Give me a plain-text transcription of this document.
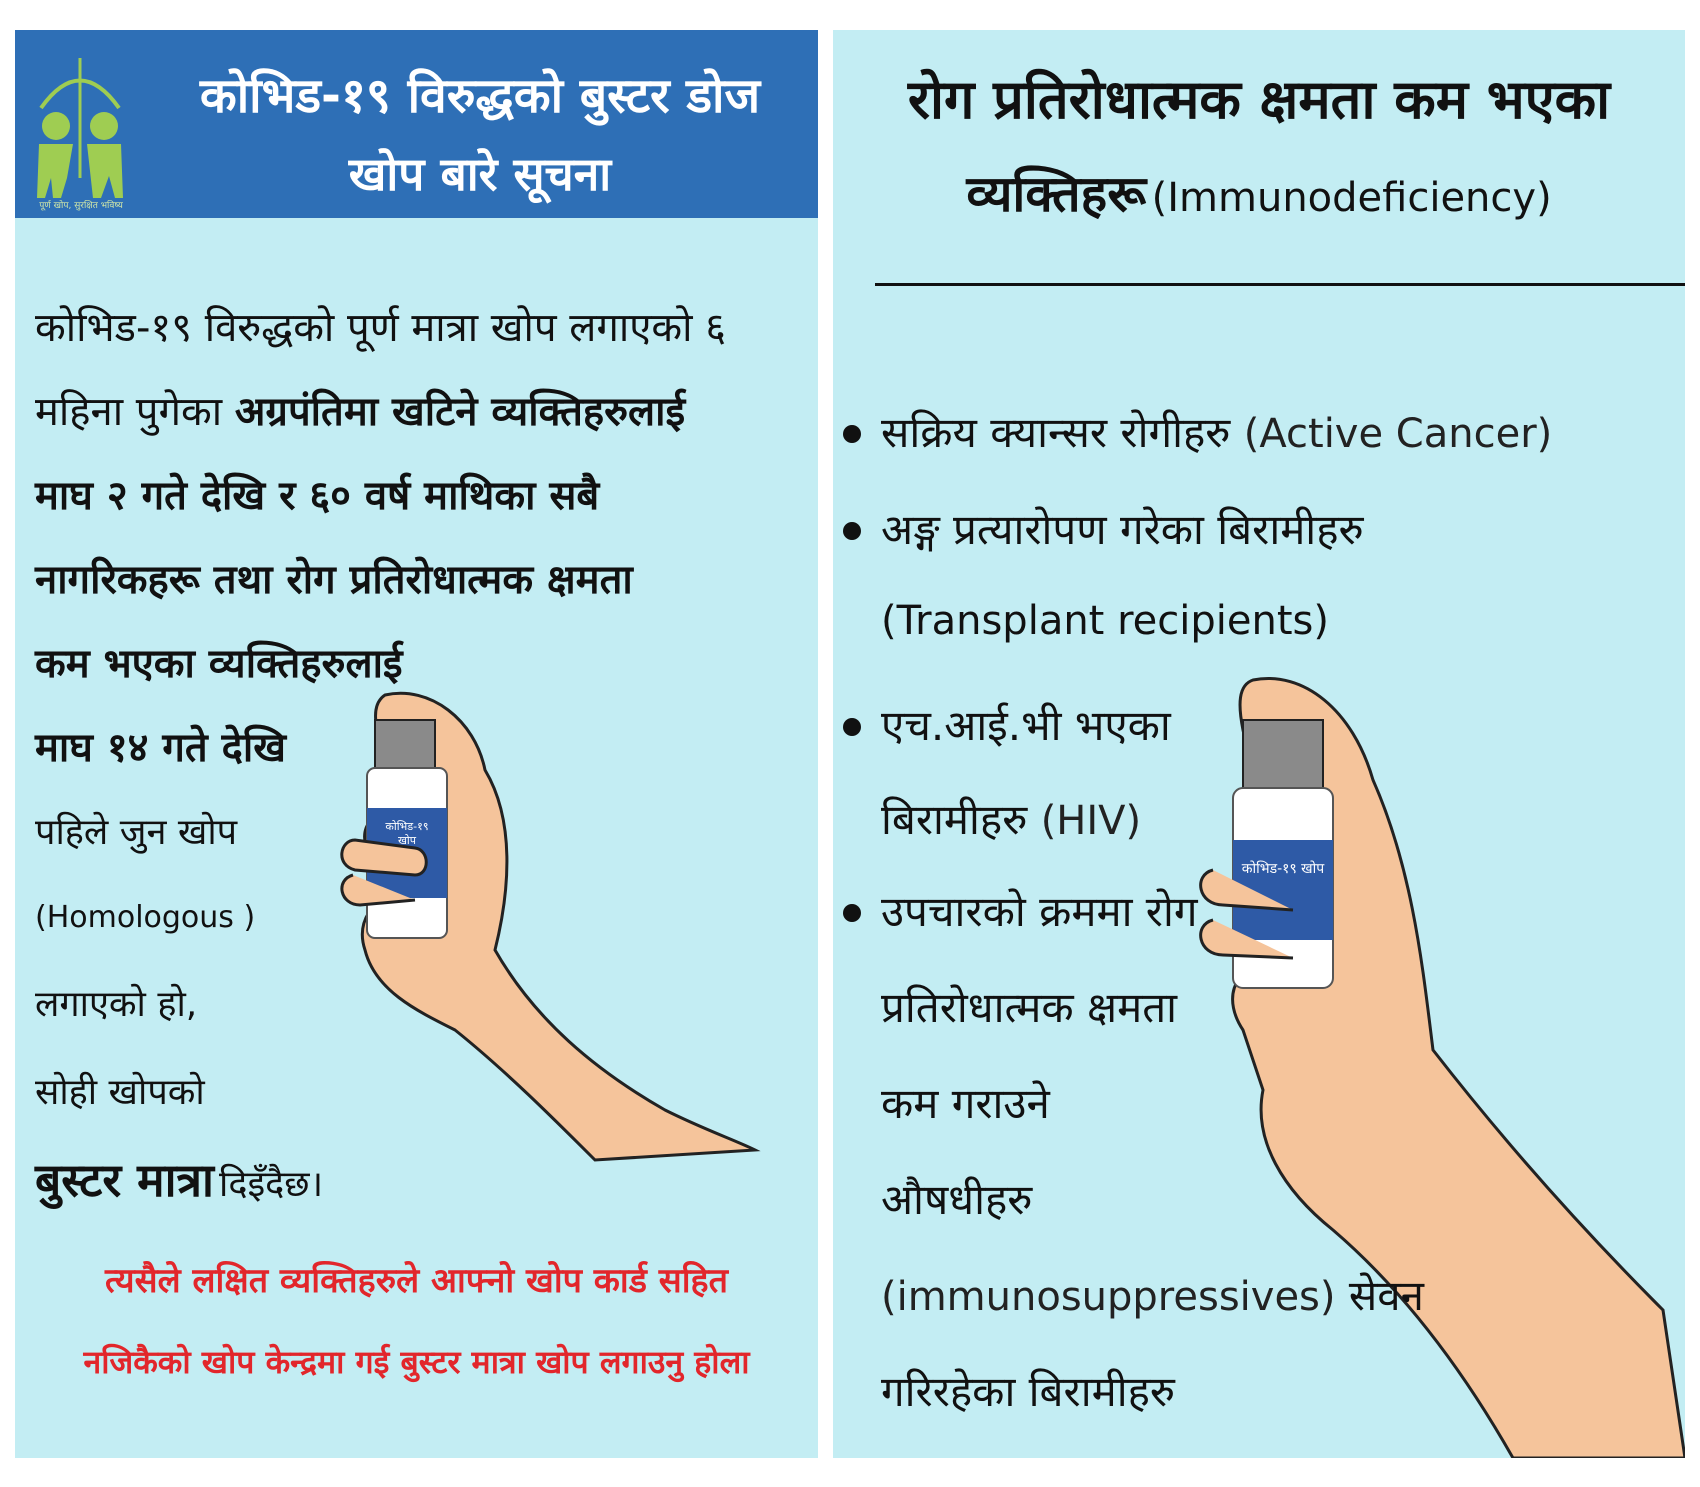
पूर्ण खोप, सुरक्षित भविष्य
कोभिड-१९ विरुद्धको बुस्टर डोज
खोप बारे सूचना
कोभिड-१९ विरुद्धको पूर्ण मात्रा खोप लगाएको ६
महिना पुगेका अग्रपंतिमा खटिने व्यक्तिहरुलाई
माघ २ गते देखि र ६० वर्ष माथिका सबै
नागरिकहरू तथा रोग प्रतिरोधात्मक क्षमता
कम भएका व्यक्तिहरुलाई
माघ १४ गते देखि
पहिले जुन खोप
(Homologous )
लगाएको हो,
सोही खोपको
बुस्टर मात्रा दिइँदैछ।
कोभिड-१९ खोप
त्यसैले लक्षित व्यक्तिहरुले आफ्नो खोप कार्ड सहित
नजिकैको खोप केन्द्रमा गई बुस्टर मात्रा खोप लगाउनु होला
रोग प्रतिरोधात्मक क्षमता कम भएका
व्यक्तिहरू (Immunodeficiency)
कोभिड-१९ खोप
सक्रिय क्यान्सर रोगीहरु (Active Cancer)
अङ्ग प्रत्यारोपण गरेका बिरामीहरु
(Transplant recipients)
एच.आई.भी भएका
बिरामीहरु (HIV)
उपचारको क्रममा रोग
प्रतिरोधात्मक क्षमता
कम गराउने
औषधीहरु
(immunosuppressives) सेवन
गरिरहेका बिरामीहरु
